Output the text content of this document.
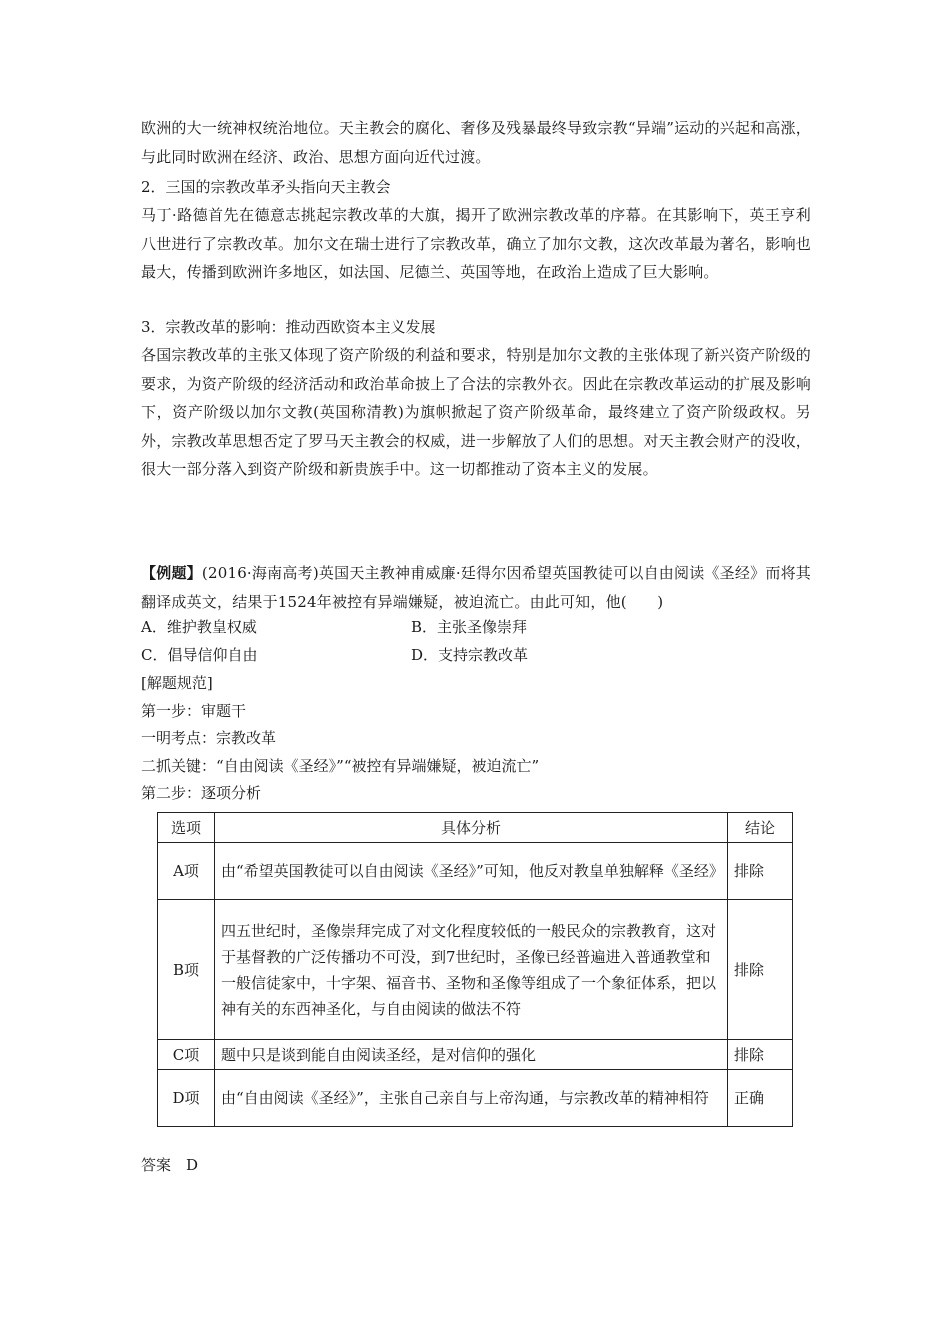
欧洲的大一统神权统治地位。天主教会的腐化、奢侈及残暴最终导致宗教“异端”运动的兴起和高涨，与此同时欧洲在经济、政治、思想方面向近代过渡。

2．三国的宗教改革矛头指向天主教会

马丁·路德首先在德意志挑起宗教改革的大旗，揭开了欧洲宗教改革的序幕。在其影响下，英王亨利八世进行了宗教改革。加尔文在瑞士进行了宗教改革，确立了加尔文教，这次改革最为著名，影响也最大，传播到欧洲许多地区，如法国、尼德兰、英国等地，在政治上造成了巨大影响。

3．宗教改革的影响：推动西欧资本主义发展

各国宗教改革的主张又体现了资产阶级的利益和要求，特别是加尔文教的主张体现了新兴资产阶级的要求，为资产阶级的经济活动和政治革命披上了合法的宗教外衣。因此在宗教改革运动的扩展及影响下，资产阶级以加尔文教(英国称清教)为旗帜掀起了资产阶级革命，最终建立了资产阶级政权。另外，宗教改革思想否定了罗马天主教会的权威，进一步解放了人们的思想。对天主教会财产的没收，很大一部分落入到资产阶级和新贵族手中。这一切都推动了资本主义的发展。

【例题】(2016·海南高考)英国天主教神甫威廉·廷得尔因希望英国教徒可以自由阅读《圣经》而将其翻译成英文，结果于1524年被控有异端嫌疑，被迫流亡。由此可知，他(　　)

A．维护教皇权威	B．主张圣像崇拜
C．倡导信仰自由	D．支持宗教改革
[解题规范]
第一步：审题干
一明考点：宗教改革
二抓关键：“自由阅读《圣经》”“被控有异端嫌疑，被迫流亡”
第二步：逐项分析
选项	具体分析	结论
A项	由“希望英国教徒可以自由阅读《圣经》”可知，他反对教皇单独解释《圣经》	排除
B项	四五世纪时，圣像崇拜完成了对文化程度较低的一般民众的宗教教育，这对于基督教的广泛传播功不可没，到7世纪时，圣像已经普遍进入普通教堂和一般信徒家中，十字架、福音书、圣物和圣像等组成了一个象征体系，把以神有关的东西神圣化，与自由阅读的做法不符	排除
C项	题中只是谈到能自由阅读圣经，是对信仰的强化	排除
D项	由“自由阅读《圣经》”，主张自己亲自与上帝沟通，与宗教改革的精神相符	正确
答案　D
